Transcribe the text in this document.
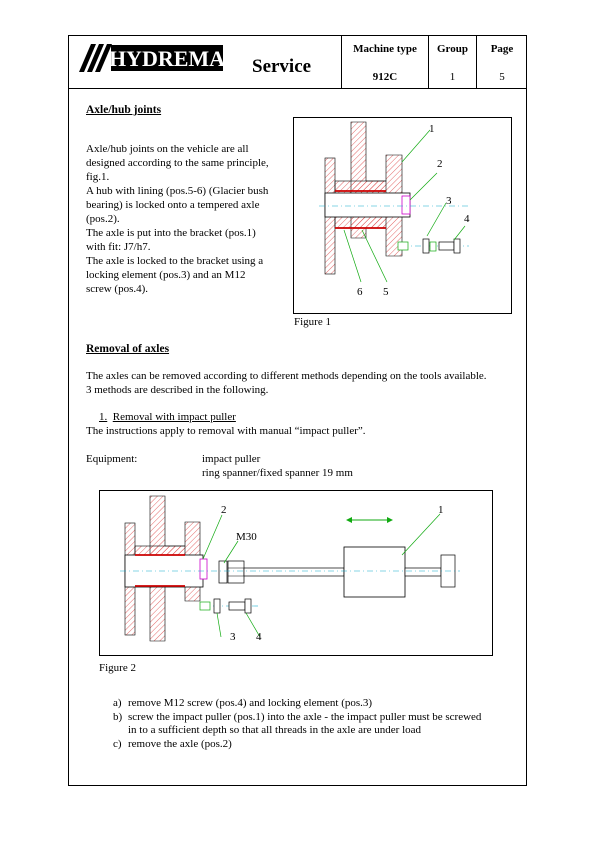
HYDREMA Service
Machine type
912C
Group
1
Page
5
Axle/hub joints
Axle/hub joints on the vehicle are all
designed according to the same principle,
fig.1.
A hub with lining (pos.5-6) (Glacier bush
bearing) is locked onto a tempered axle
(pos.2).
The axle is put into the bracket (pos.1)
with fit: J7/h7.
The axle is locked to the bracket using a
locking element (pos.3) and an M12
screw (pos.4).
1
2
3
4
6 5
Figure 1
Removal of axles
The axles can be removed according to different methods depending on the tools available.
3 methods are described in the following.
1. Removal with impact puller
The instructions apply to removal with manual “impact puller”.
Equipment:	impact puller
ring spanner/fixed spanner 19 mm
2	1
M30
3 4
Figure 2
a) remove M12 screw (pos.4) and locking element (pos.3)
b) screw the impact puller (pos.1) into the axle - the impact puller must be screwed
in to a sufficient depth so that all threads in the axle are under load
c) remove the axle (pos.2)
